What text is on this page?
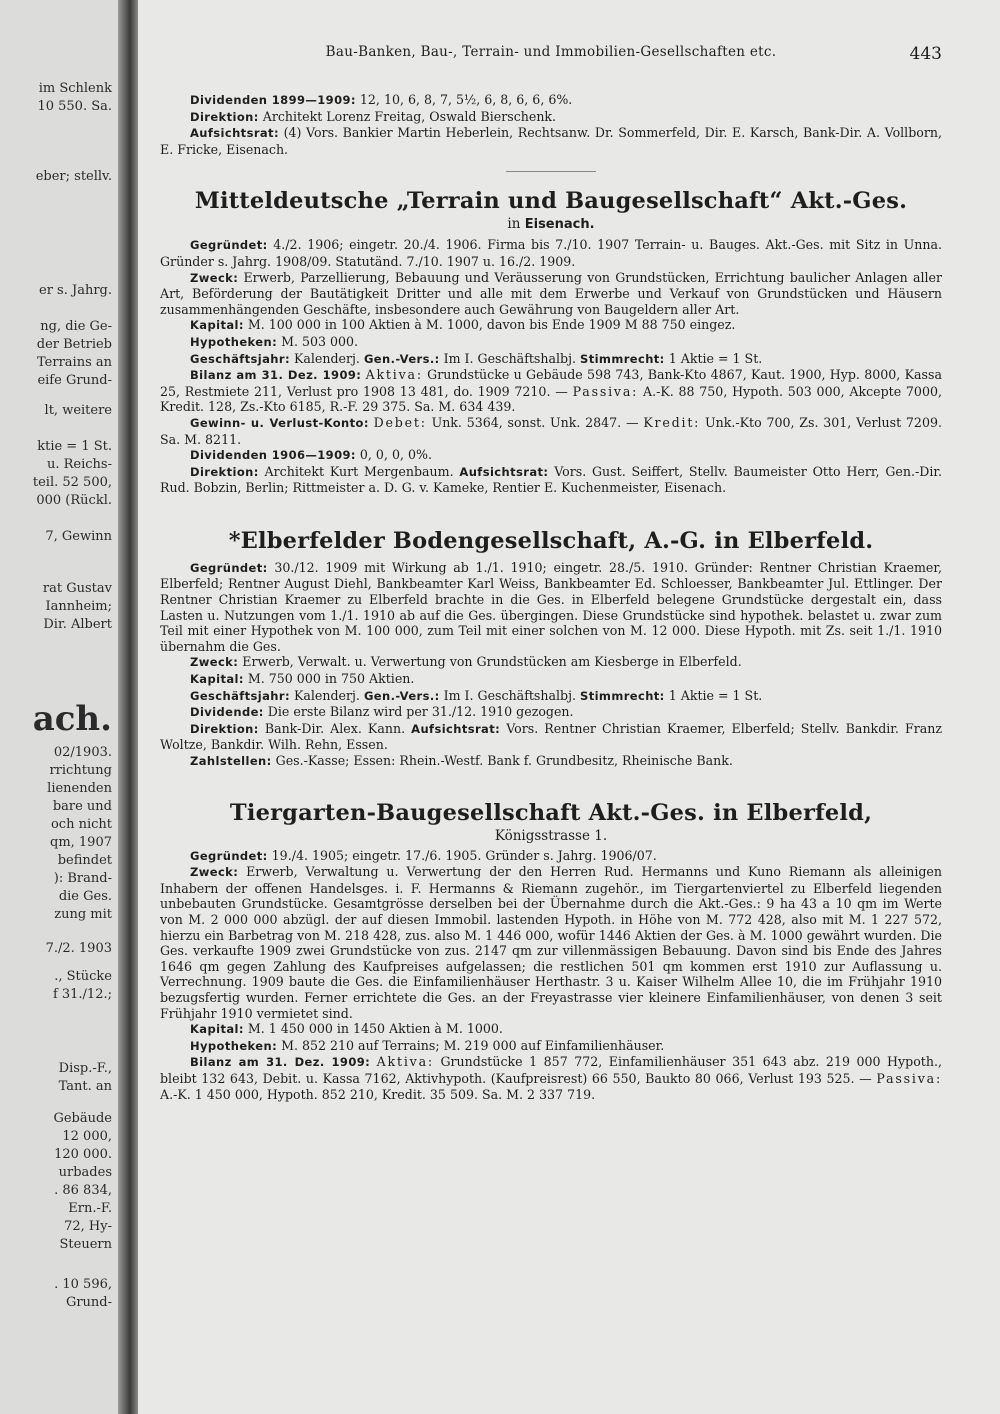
im Schlenk
10 550. Sa.
eber; stellv.
er s. Jahrg.
ng, die Ge-
der Betrieb
Terrains an
eife Grund-
lt, weitere
ktie = 1 St.
u. Reichs-
teil. 52 500,
000 (Rückl.
7, Gewinn
rat Gustav
Iannheim;
Dir. Albert
ach.
02/1903.
rrichtung
lienenden
bare und
och nicht
qm, 1907
befindet
): Brand-
die Ges.
zung mit
7./2. 1903
., Stücke
f 31./12.;
Disp.-F.,
Tant. an
Gebäude
12 000,
120 000.
urbades
. 86 834,
Ern.-F.
72, Hy-
Steuern
. 10 596,
Grund-
Bau-Banken, Bau-, Terrain- und Immobilien-Gesellschaften etc.	443

Dividenden 1899—1909: 12, 10, 6, 8, 7, 5½, 6, 8, 6, 6, 6%.

Direktion: Architekt Lorenz Freitag, Oswald Bierschenk.

Aufsichtsrat: (4) Vors. Bankier Martin Heberlein, Rechtsanw. Dr. Sommerfeld, Dir. E. Karsch, Bank-Dir. A. Vollborn, E. Fricke, Eisenach.

Mitteldeutsche „Terrain und Baugesellschaft“ Akt.-Ges.
in Eisenach.

Gegründet: 4./2. 1906; eingetr. 20./4. 1906. Firma bis 7./10. 1907 Terrain- u. Bauges. Akt.-Ges. mit Sitz in Unna. Gründer s. Jahrg. 1908/09. Statutänd. 7./10. 1907 u. 16./2. 1909.

Zweck: Erwerb, Parzellierung, Bebauung und Veräusserung von Grundstücken, Errichtung baulicher Anlagen aller Art, Beförderung der Bautätigkeit Dritter und alle mit dem Erwerbe und Verkauf von Grundstücken und Häusern zusammenhängenden Geschäfte, insbesondere auch Gewährung von Baugeldern aller Art.

Kapital: M. 100 000 in 100 Aktien à M. 1000, davon bis Ende 1909 M 88 750 eingez.

Hypotheken: M. 503 000.

Geschäftsjahr: Kalenderj. Gen.-Vers.: Im I. Geschäftshalbj. Stimmrecht: 1 Aktie = 1 St.

Bilanz am 31. Dez. 1909: Aktiva: Grundstücke u Gebäude 598 743, Bank-Kto 4867, Kaut. 1900, Hyp. 8000, Kassa 25, Restmiete 211, Verlust pro 1908 13 481, do. 1909 7210. — Passiva: A.-K. 88 750, Hypoth. 503 000, Akcepte 7000, Kredit. 128, Zs.-Kto 6185, R.-F. 29 375. Sa. M. 634 439.

Gewinn- u. Verlust-Konto: Debet: Unk. 5364, sonst. Unk. 2847. — Kredit: Unk.-Kto 700, Zs. 301, Verlust 7209. Sa. M. 8211.

Dividenden 1906—1909: 0, 0, 0, 0%.

Direktion: Architekt Kurt Mergenbaum. Aufsichtsrat: Vors. Gust. Seiffert, Stellv. Baumeister Otto Herr, Gen.-Dir. Rud. Bobzin, Berlin; Rittmeister a. D. G. v. Kameke, Rentier E. Kuchenmeister, Eisenach.

*Elberfelder Bodengesellschaft, A.-G. in Elberfeld.

Gegründet: 30./12. 1909 mit Wirkung ab 1./1. 1910; eingetr. 28./5. 1910. Gründer: Rentner Christian Kraemer, Elberfeld; Rentner August Diehl, Bankbeamter Karl Weiss, Bankbeamter Ed. Schloesser, Bankbeamter Jul. Ettlinger. Der Rentner Christian Kraemer zu Elberfeld brachte in die Ges. in Elberfeld belegene Grundstücke dergestalt ein, dass Lasten u. Nutzungen vom 1./1. 1910 ab auf die Ges. übergingen. Diese Grundstücke sind hypothek. belastet u. zwar zum Teil mit einer Hypothek von M. 100 000, zum Teil mit einer solchen von M. 12 000. Diese Hypoth. mit Zs. seit 1./1. 1910 übernahm die Ges.

Zweck: Erwerb, Verwalt. u. Verwertung von Grundstücken am Kiesberge in Elberfeld.

Kapital: M. 750 000 in 750 Aktien.

Geschäftsjahr: Kalenderj. Gen.-Vers.: Im I. Geschäftshalbj. Stimmrecht: 1 Aktie = 1 St.

Dividende: Die erste Bilanz wird per 31./12. 1910 gezogen.

Direktion: Bank-Dir. Alex. Kann. Aufsichtsrat: Vors. Rentner Christian Kraemer, Elberfeld; Stellv. Bankdir. Franz Woltze, Bankdir. Wilh. Rehn, Essen.

Zahlstellen: Ges.-Kasse; Essen: Rhein.-Westf. Bank f. Grundbesitz, Rheinische Bank.

Tiergarten-Baugesellschaft Akt.-Ges. in Elberfeld,
Königsstrasse 1.

Gegründet: 19./4. 1905; eingetr. 17./6. 1905. Gründer s. Jahrg. 1906/07.

Zweck: Erwerb, Verwaltung u. Verwertung der den Herren Rud. Hermanns und Kuno Riemann als alleinigen Inhabern der offenen Handelsges. i. F. Hermanns & Riemann zugehör., im Tiergartenviertel zu Elberfeld liegenden unbebauten Grundstücke. Gesamtgrösse derselben bei der Übernahme durch die Akt.-Ges.: 9 ha 43 a 10 qm im Werte von M. 2 000 000 abzügl. der auf diesen Immobil. lastenden Hypoth. in Höhe von M. 772 428, also mit M. 1 227 572, hierzu ein Barbetrag von M. 218 428, zus. also M. 1 446 000, wofür 1446 Aktien der Ges. à M. 1000 gewährt wurden. Die Ges. verkaufte 1909 zwei Grundstücke von zus. 2147 qm zur villenmässigen Bebauung. Davon sind bis Ende des Jahres 1646 qm gegen Zahlung des Kaufpreises aufgelassen; die restlichen 501 qm kommen erst 1910 zur Auflassung u. Verrechnung. 1909 baute die Ges. die Einfamilienhäuser Herthastr. 3 u. Kaiser Wilhelm Allee 10, die im Frühjahr 1910 bezugsfertig wurden. Ferner errichtete die Ges. an der Freyastrasse vier kleinere Einfamilienhäuser, von denen 3 seit Frühjahr 1910 vermietet sind.

Kapital: M. 1 450 000 in 1450 Aktien à M. 1000.

Hypotheken: M. 852 210 auf Terrains; M. 219 000 auf Einfamilienhäuser.

Bilanz am 31. Dez. 1909: Aktiva: Grundstücke 1 857 772, Einfamilienhäuser 351 643 abz. 219 000 Hypoth., bleibt 132 643, Debit. u. Kassa 7162, Aktivhypoth. (Kaufpreisrest) 66 550, Baukto 80 066, Verlust 193 525. — Passiva: A.-K. 1 450 000, Hypoth. 852 210, Kredit. 35 509. Sa. M. 2 337 719.
